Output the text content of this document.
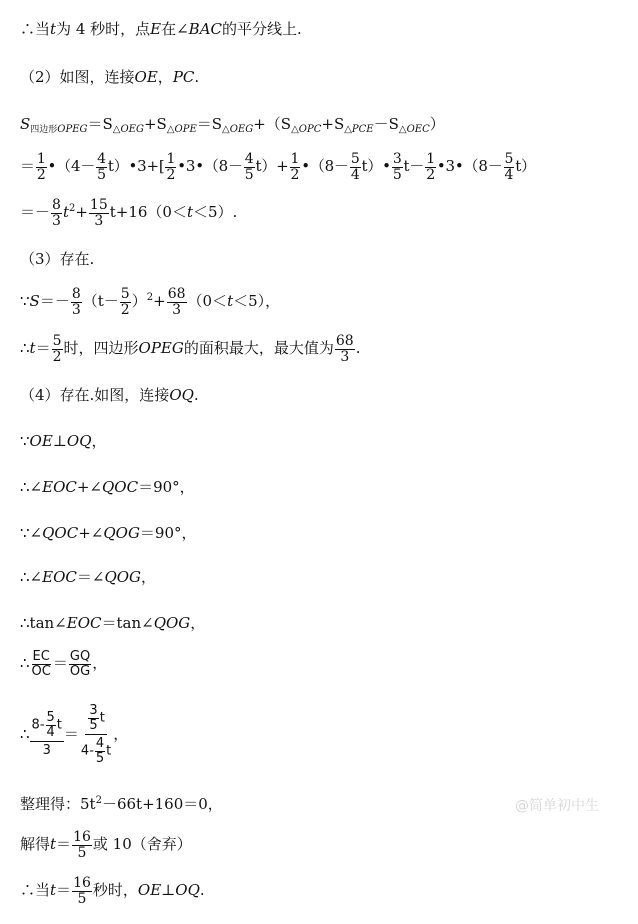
∴当t为 4 秒时，点E在∠BAC的平分线上.
（2）如图，连接OE，PC.
$S_{四边形OPEG}=S_{\triangle OEG}+S_{\triangle OPE}=S_{\triangle OEG}+(S_{\triangle OPC}+S_{\triangle PCE}-S_{\triangle OEC})$
＝ $\frac{1}{2}$ •（4－ $\frac{4}{5}$ t）•3+[ $\frac{1}{2}$ •3•（8－ $\frac{4}{5} t)+ \frac{1}{2}$ •（8－ $\frac{5}{4}$ t）• $\frac{3}{5} t- \frac{1}{2}$ •3•（8－ $\frac{5}{4} t$）
＝－ $\frac{8}{3} t^2+ \frac{15}{3} t+16(0<t<5)$.
（3）存在.
∵S＝－ $\frac{8}{3} (t- \frac{5}{2} )^2+ \frac{68}{3} (0<t<5)$，
∴t＝ $\frac{5}{2}$ 时，四边形OPEG的面积最大，最大值为 $\frac{68}{3}$ .
（4）存在.如图，连接OQ.
∵OE⊥OQ，
∴∠EOC+∠QOC＝90°，
∵∠QOC+∠QOG＝90°，
∴∠EOC＝∠QOG，
∴tan∠EOC＝tan∠QOG，
∴ $\frac{EC}{OC} = \frac{GQ}{OG}$ ，
∴ $\frac{8- \frac{5}{4} t}{3} = \frac{\frac{3}{5} t}{4- \frac{4}{5} t}$ ，
整理得：$5t^2-66t+160=0$，
解得$t= \frac{16}{5}$ 或 10（舍弃）
∴当$t= \frac{16}{5}$ 秒时，OE⊥OQ.
@简单初中生
